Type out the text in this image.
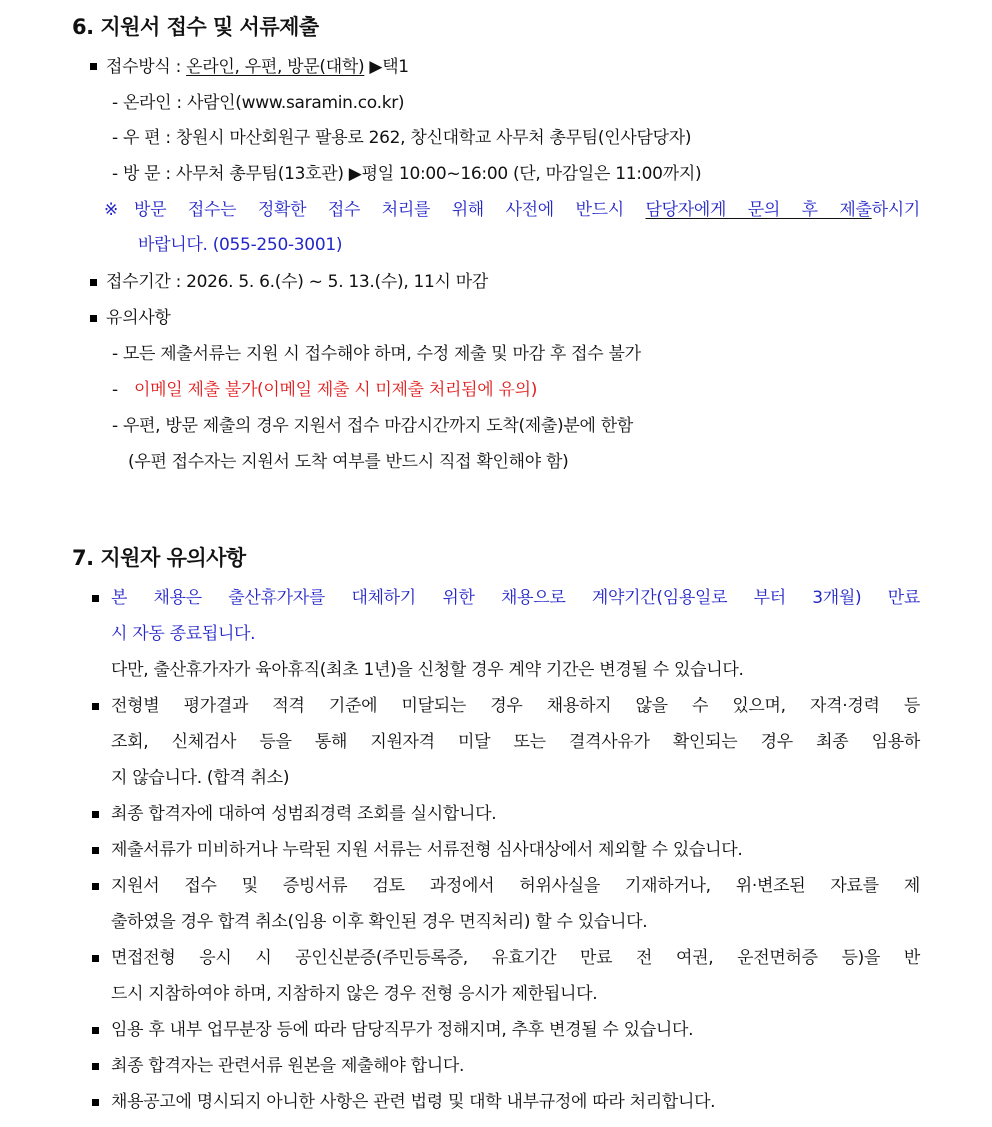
6. 지원서 접수 및 서류제출
접수방식 : 온라인, 우편, 방문(대학) ▶택1
- 온라인 : 사람인(www.saramin.co.kr)
- 우 편 : 창원시 마산회원구 팔용로 262, 창신대학교 사무처 총무팀(인사담당자)
- 방 문 : 사무처 총무팀(13호관) ▶평일 10:00~16:00 (단, 마감일은 11:00까지)
※ 방문 접수는 정확한 접수 처리를 위해 사전에 반드시 담당자에게 문의 후 제출하시기
바랍니다. (055-250-3001)
접수기간 : 2026. 5. 6.(수) ~ 5. 13.(수), 11시 마감
유의사항
- 모든 제출서류는 지원 시 접수해야 하며, 수정 제출 및 마감 후 접수 불가
- 이메일 제출 불가(이메일 제출 시 미제출 처리됨에 유의)
- 우편, 방문 제출의 경우 지원서 접수 마감시간까지 도착(제출)분에 한함
(우편 접수자는 지원서 도착 여부를 반드시 직접 확인해야 함)
7. 지원자 유의사항
본 채용은 출산휴가자를 대체하기 위한 채용으로 계약기간(임용일로 부터 3개월) 만료
시 자동 종료됩니다.
다만, 출산휴가자가 육아휴직(최초 1년)을 신청할 경우 계약 기간은 변경될 수 있습니다.
전형별 평가결과 적격 기준에 미달되는 경우 채용하지 않을 수 있으며, 자격·경력 등
조회, 신체검사 등을 통해 지원자격 미달 또는 결격사유가 확인되는 경우 최종 임용하
지 않습니다. (합격 취소)
최종 합격자에 대하여 성범죄경력 조회를 실시합니다.
제출서류가 미비하거나 누락된 지원 서류는 서류전형 심사대상에서 제외할 수 있습니다.
지원서 접수 및 증빙서류 검토 과정에서 허위사실을 기재하거나, 위·변조된 자료를 제
출하였을 경우 합격 취소(임용 이후 확인된 경우 면직처리) 할 수 있습니다.
면접전형 응시 시 공인신분증(주민등록증, 유효기간 만료 전 여권, 운전면허증 등)을 반
드시 지참하여야 하며, 지참하지 않은 경우 전형 응시가 제한됩니다.
임용 후 내부 업무분장 등에 따라 담당직무가 정해지며, 추후 변경될 수 있습니다.
최종 합격자는 관련서류 원본을 제출해야 합니다.
채용공고에 명시되지 아니한 사항은 관련 법령 및 대학 내부규정에 따라 처리합니다.
